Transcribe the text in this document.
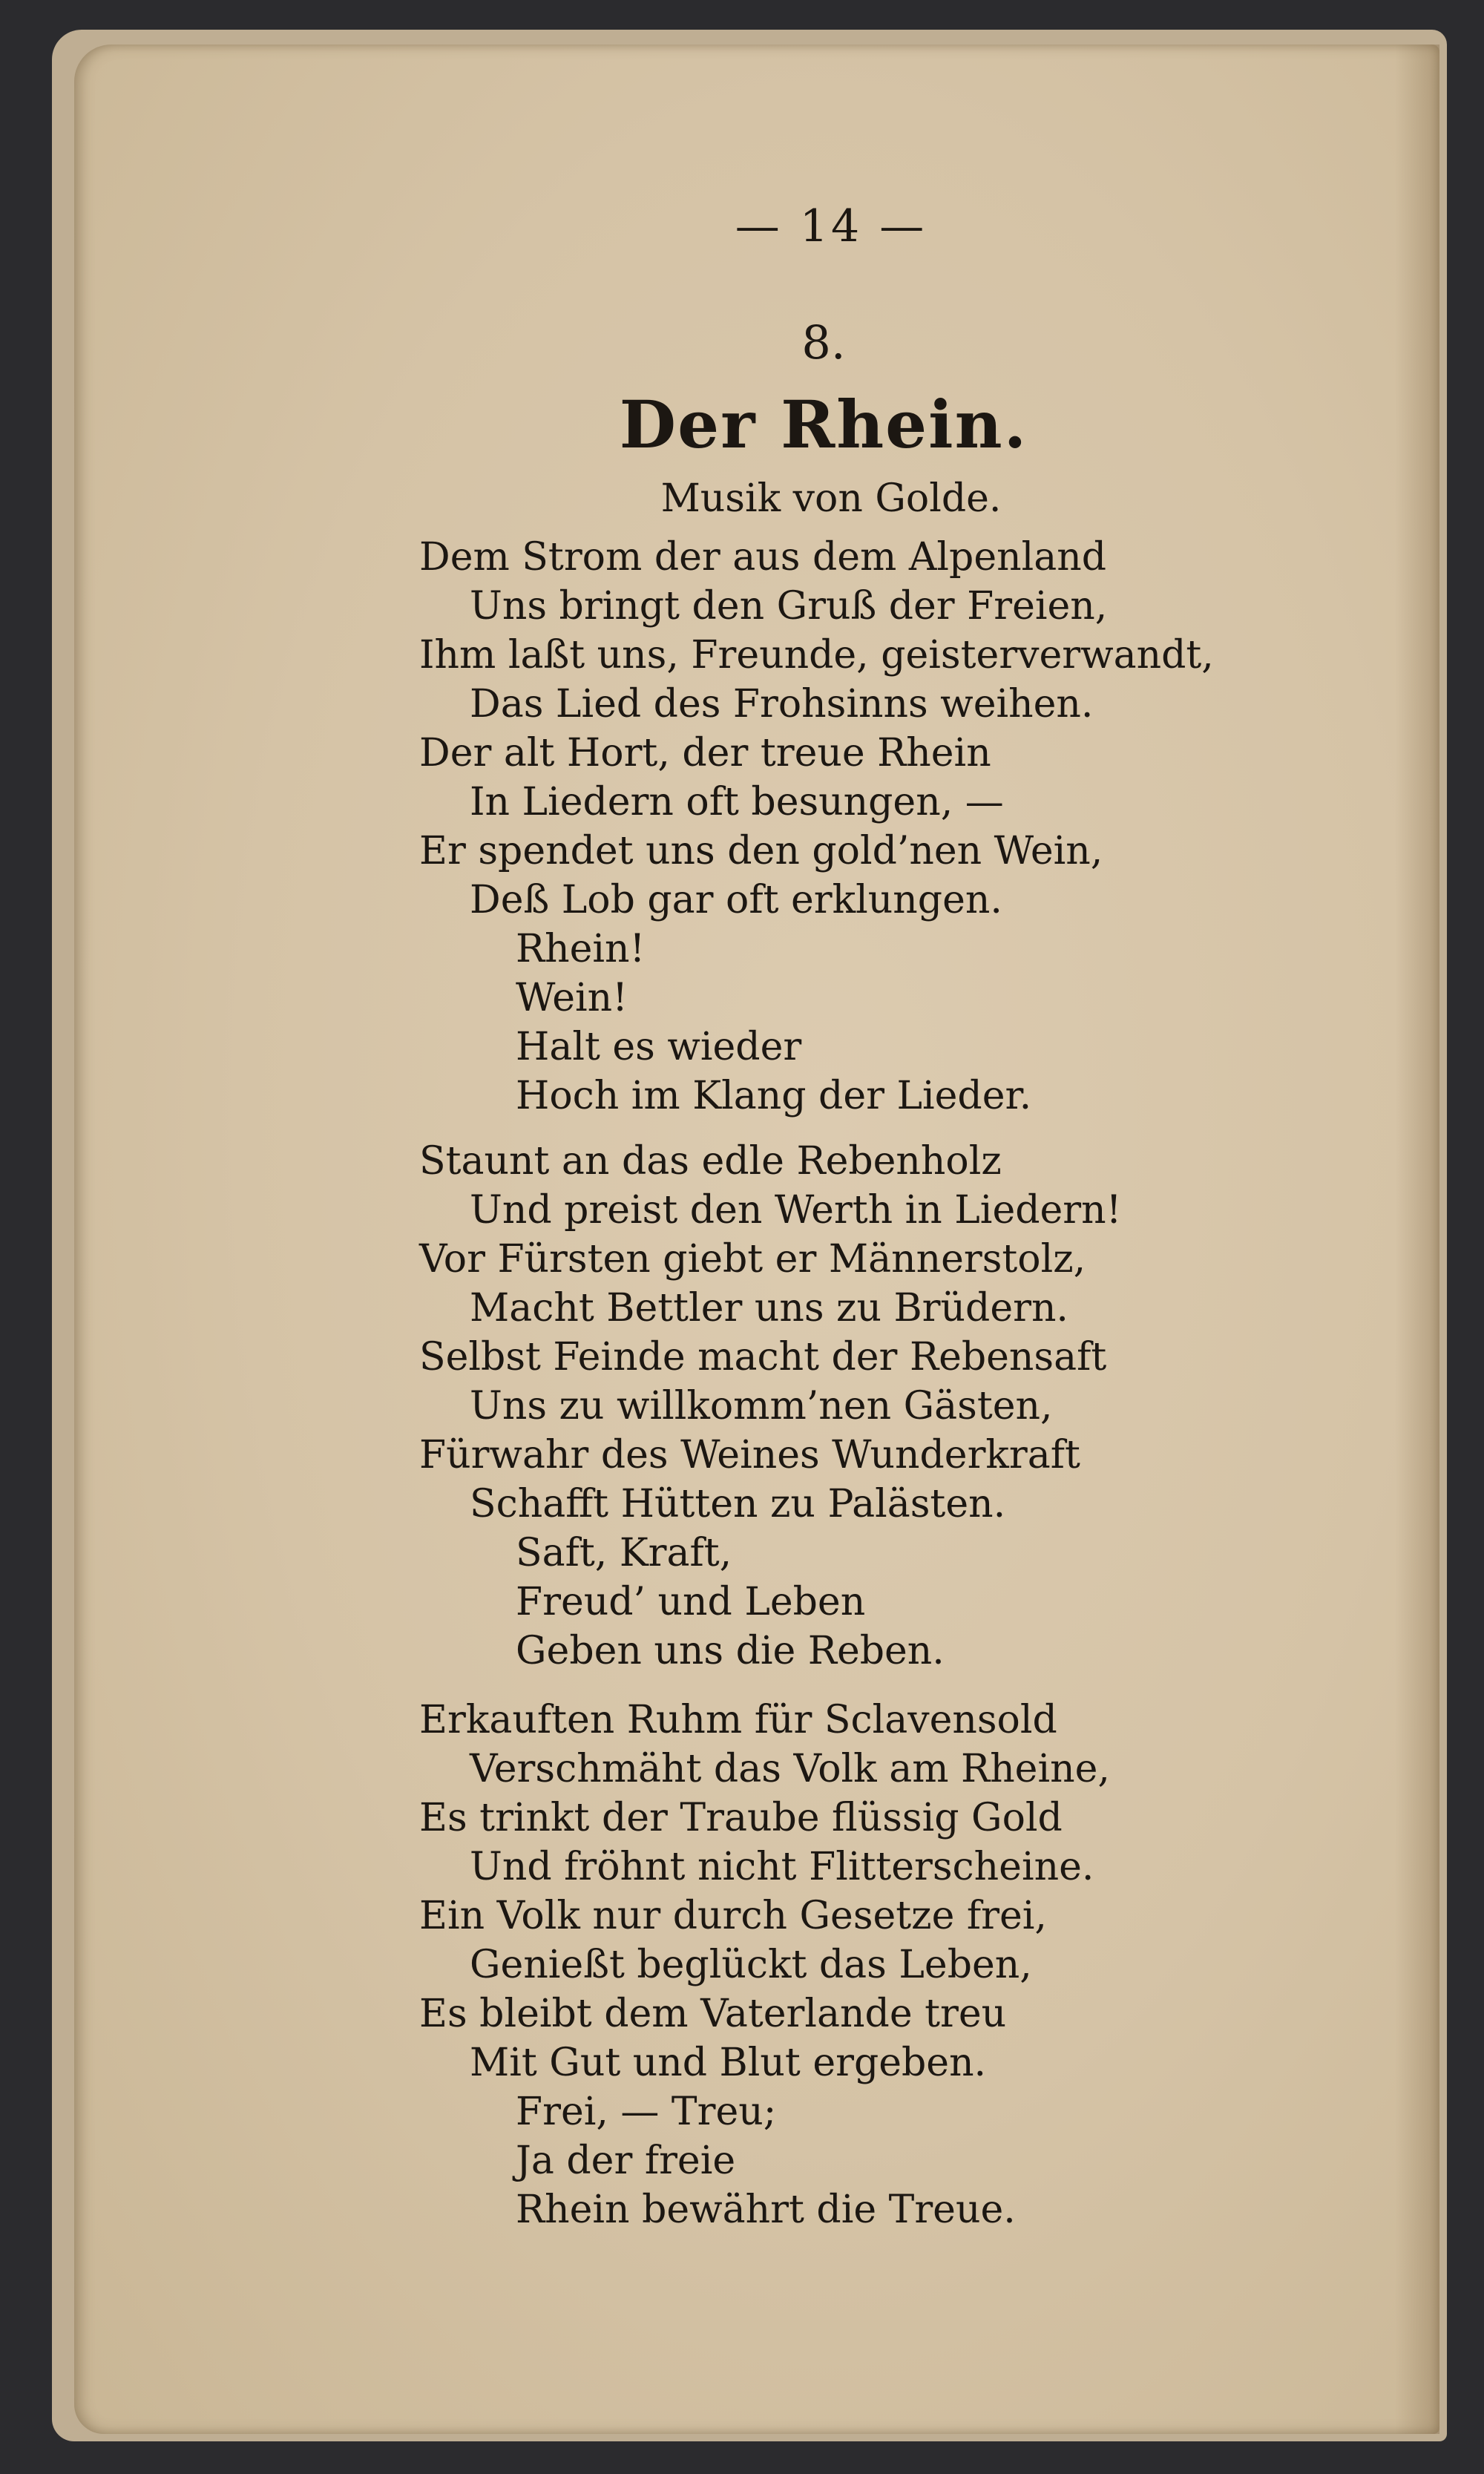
— 14 —
8.
Der Rhein.
Musik von Golde.
Dem Strom der aus dem Alpenland
Uns bringt den Gruß der Freien,
Ihm laßt uns, Freunde, geisterverwandt,
Das Lied des Frohsinns weihen.
Der alt Hort, der treue Rhein
In Liedern oft besungen, —
Er spendet uns den gold’nen Wein,
Deß Lob gar oft erklungen.
Rhein!
Wein!
Halt es wieder
Hoch im Klang der Lieder.
Staunt an das edle Rebenholz
Und preist den Werth in Liedern!
Vor Fürsten giebt er Männerstolz,
Macht Bettler uns zu Brüdern.
Selbst Feinde macht der Rebensaft
Uns zu willkomm’nen Gästen,
Fürwahr des Weines Wunderkraft
Schafft Hütten zu Palästen.
Saft, Kraft,
Freud’ und Leben
Geben uns die Reben.
Erkauften Ruhm für Sclavensold
Verschmäht das Volk am Rheine,
Es trinkt der Traube flüssig Gold
Und fröhnt nicht Flitterscheine.
Ein Volk nur durch Gesetze frei,
Genießt beglückt das Leben,
Es bleibt dem Vaterlande treu
Mit Gut und Blut ergeben.
Frei, — Treu;
Ja der freie
Rhein bewährt die Treue.
